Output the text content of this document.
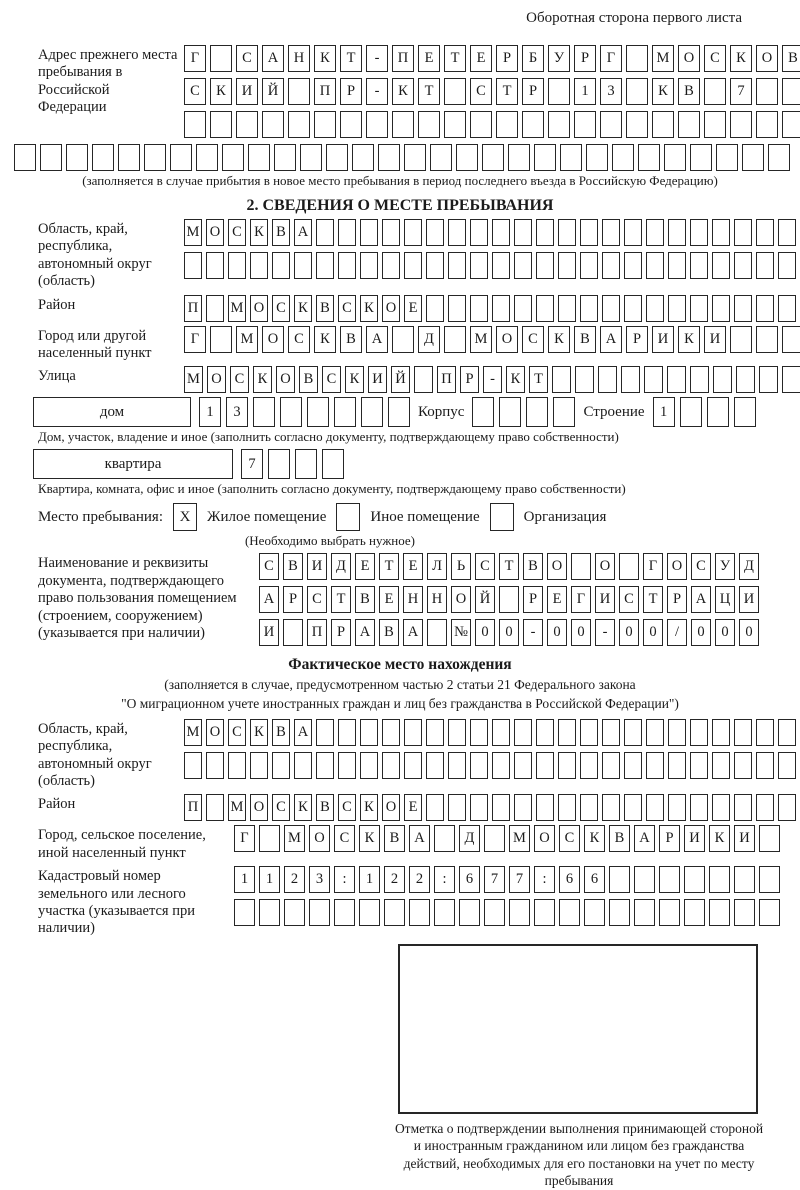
Оборотная сторона первого листа
Адрес прежнего места пребывания в Российской Федерации
Г	С	А	Н	К	Т	-	П	Е	Т	Е	Р	Б	У	Р	Г	М О	С	К	О	В
С	К	И	Й	П	Р	-	К	Т	С	Т	Р	1	3	К	В	7
(заполняется в случае прибытия в новое место пребывания в период последнего въезда в Российскую Федерацию)
2. СВЕДЕНИЯ О МЕСТЕ ПРЕБЫВАНИЯ
Область, край, республика, автономный округ (область)
М О С К В А
Район	П М О С К В С К О Е
Город или другой населенный пункт
Г	М О	С	К	В	А	Д	М О	С	К	В	А	Р	И	К	И
Улица	М О С К О В С К И Й П Р	-	К Т
дом	1	3	Корпус	Строение	1
Дом, участок, владение и иное (заполнить согласно документу, подтверждающему право собственности)
квартира	7
Квартира, комната, офис и иное (заполнить согласно документу, подтверждающему право собственности)
Место пребывания:	X	Жилое помещение	Иное помещение	Организация
(Необходимо выбрать нужное)
Наименование и реквизиты документа, подтверждающего право пользования помещением (строением, сооружением) (указывается при наличии)
С В И Д	Е	Т	Е	Л	Ь	С	Т	В О	О	Г	О С У Д
А	Р	С	Т	В	Е Н Н О Й	Р	Е	Г	И С	Т	Р	А Ц И
И	П	Р	А В А	№ 0	0	-	0	0	-	0	0	/	0	0	0
Фактическое место нахождения
(заполняется в случае, предусмотренном частью 2 статьи 21 Федерального закона
"О миграционном учете иностранных граждан и лиц без гражданства в Российской Федерации")
Область, край, республика, автономный округ (область)
М О С К В А
Район	П М О С К В С К О Е
Город, сельское поселение, иной населенный пункт
Г	М О	С	К	В	А	Д	М О	С	К	В	А	Р	И	К	И
Кадастровый номер земельного или лесного участка (указывается при наличии)
1	1	2	3	:	1	2	2	:	6	7	7	:	6	6
Отметка о подтверждении выполнения принимающей стороной и иностранным гражданином или лицом без гражданства действий, необходимых для его постановки на учет по месту пребывания
